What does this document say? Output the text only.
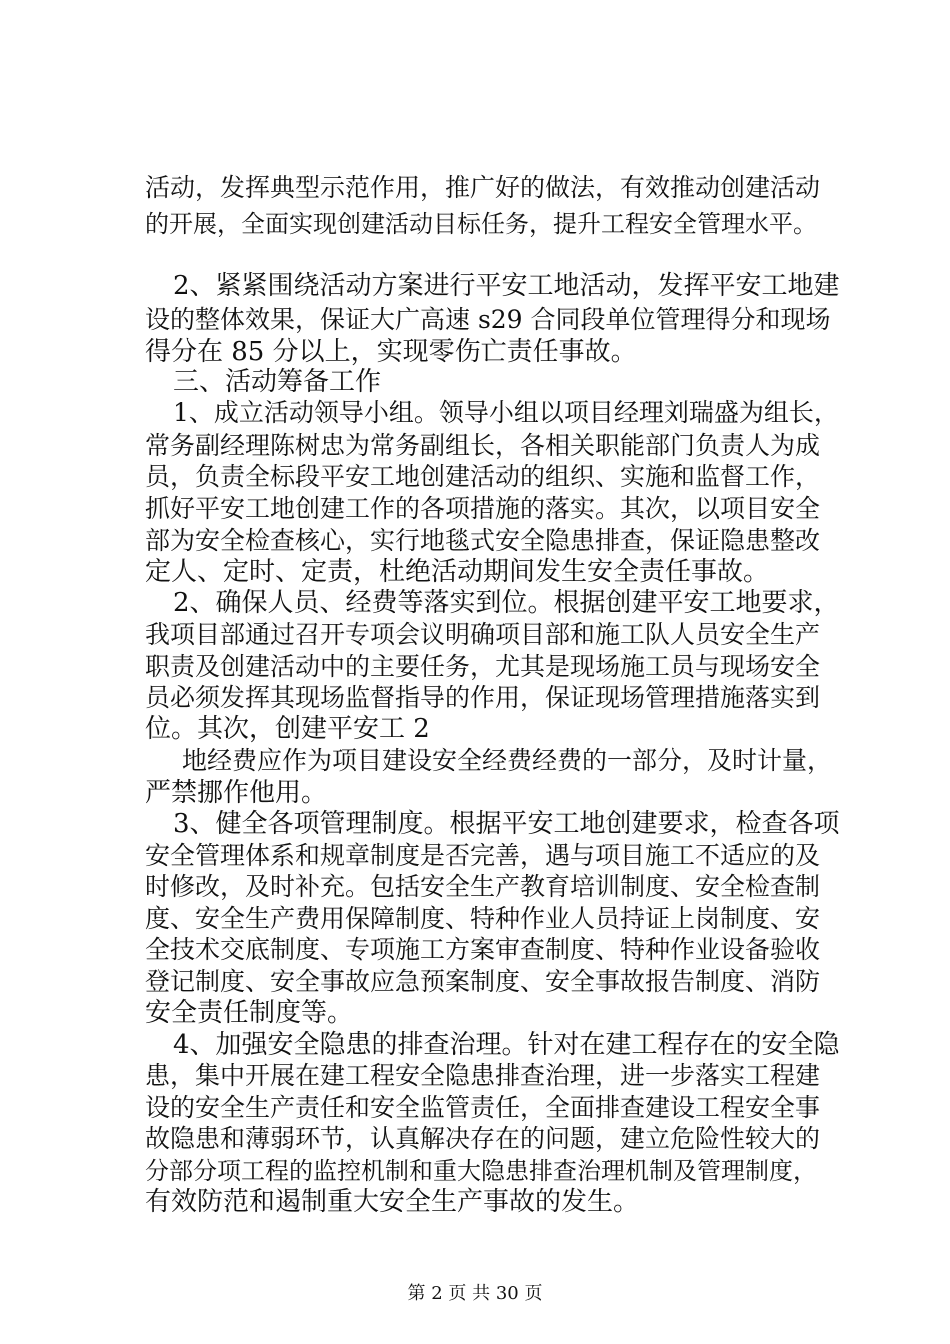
活动，发挥典型示范作用，推广好的做法，有效推动创建活动
的开展，全面实现创建活动目标任务，提升工程安全管理水平。
2、紧紧围绕活动方案进行平安工地活动，发挥平安工地建
设的整体效果，保证大广高速 s29 合同段单位管理得分和现场
得分在 85 分以上，实现零伤亡责任事故。
三、活动筹备工作
1、成立活动领导小组。领导小组以项目经理刘瑞盛为组长，
常务副经理陈树忠为常务副组长，各相关职能部门负责人为成
员，负责全标段平安工地创建活动的组织、实施和监督工作，
抓好平安工地创建工作的各项措施的落实。其次，以项目安全
部为安全检查核心，实行地毯式安全隐患排查，保证隐患整改
定人、定时、定责，杜绝活动期间发生安全责任事故。
2、确保人员、经费等落实到位。根据创建平安工地要求，
我项目部通过召开专项会议明确项目部和施工队人员安全生产
职责及创建活动中的主要任务，尤其是现场施工员与现场安全
员必须发挥其现场监督指导的作用，保证现场管理措施落实到
位。其次，创建平安工 2
地经费应作为项目建设安全经费经费的一部分，及时计量，
严禁挪作他用。
3、健全各项管理制度。根据平安工地创建要求，检查各项
安全管理体系和规章制度是否完善，遇与项目施工不适应的及
时修改，及时补充。包括安全生产教育培训制度、安全检查制
度、安全生产费用保障制度、特种作业人员持证上岗制度、安
全技术交底制度、专项施工方案审查制度、特种作业设备验收
登记制度、安全事故应急预案制度、安全事故报告制度、消防
安全责任制度等。
4、加强安全隐患的排查治理。针对在建工程存在的安全隐
患，集中开展在建工程安全隐患排查治理，进一步落实工程建
设的安全生产责任和安全监管责任，全面排查建设工程安全事
故隐患和薄弱环节，认真解决存在的问题，建立危险性较大的
分部分项工程的监控机制和重大隐患排查治理机制及管理制度，
有效防范和遏制重大安全生产事故的发生。
第 2 页 共 30 页
